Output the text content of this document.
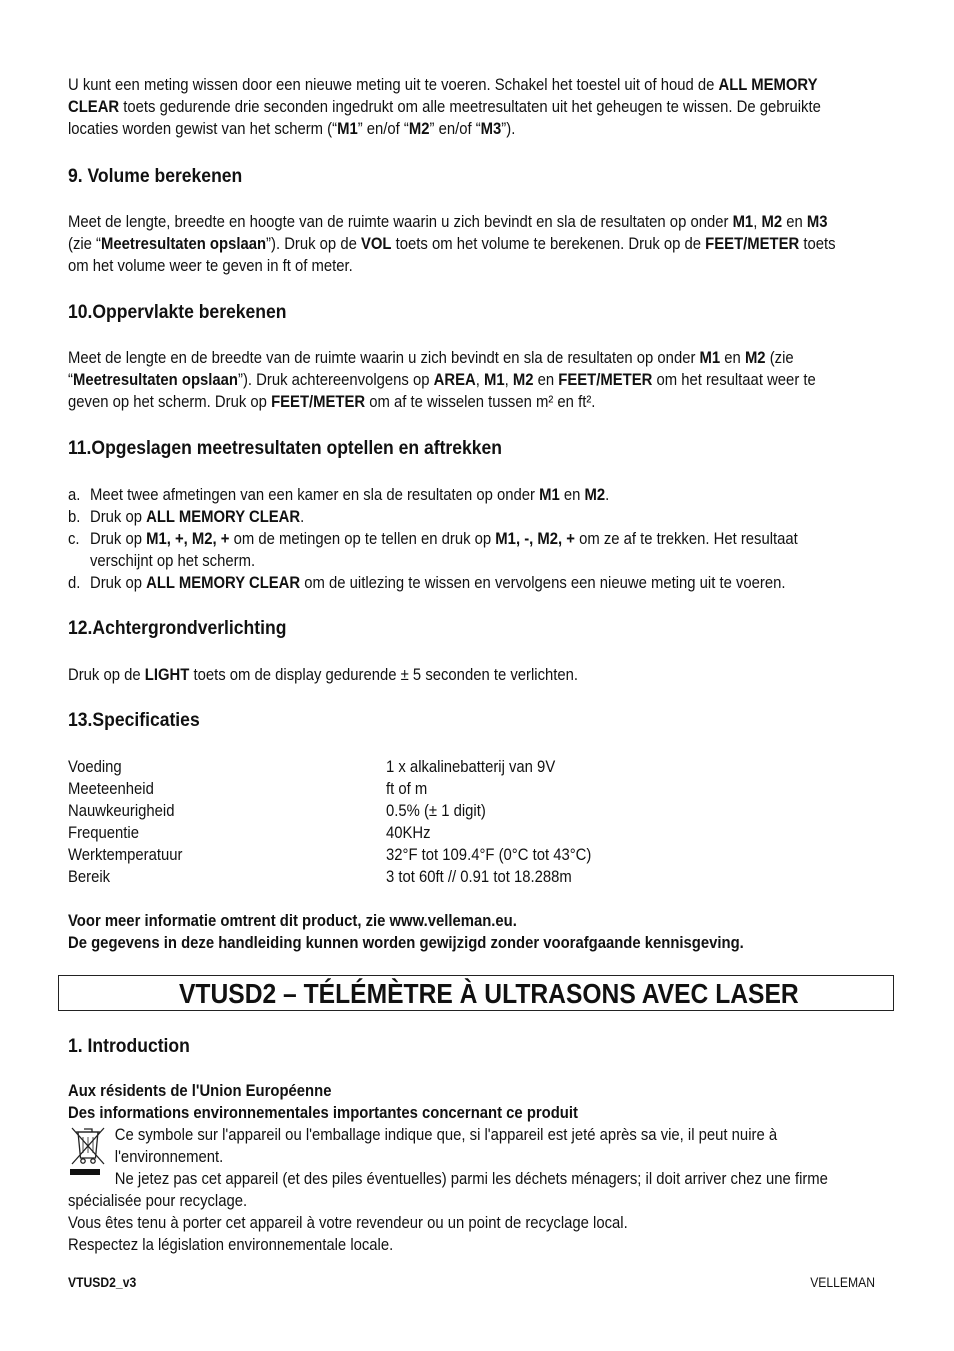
U kunt een meting wissen door een nieuwe meting uit te voeren. Schakel het toestel uit of houd de ALL MEMORY

CLEAR toets gedurende drie seconden ingedrukt om alle meetresultaten uit het geheugen te wissen. De gebruikte

locaties worden gewist van het scherm (“M1” en/of “M2” en/of “M3”).

9. Volume berekenen

Meet de lengte, breedte en hoogte van de ruimte waarin u zich bevindt en sla de resultaten op onder M1, M2 en M3

(zie “Meetresultaten opslaan”). Druk op de VOL toets om het volume te berekenen. Druk op de FEET/METER toets

om het volume weer te geven in ft of meter.

10.Oppervlakte berekenen

Meet de lengte en de breedte van de ruimte waarin u zich bevindt en sla de resultaten op onder M1 en M2 (zie

“Meetresultaten opslaan”). Druk achtereenvolgens op AREA, M1, M2 en FEET/METER om het resultaat weer te

geven op het scherm. Druk op FEET/METER om af te wisselen tussen m² en ft².

11.Opgeslagen meetresultaten optellen en aftrekken
a. Meet twee afmetingen van een kamer en sla de resultaten op onder M1 en M2.

b. Druk op ALL MEMORY CLEAR.

c. Druk op M1, +, M2, + om de metingen op te tellen en druk op M1, -, M2, + om ze af te trekken. Het resultaat

verschijnt op het scherm.

d. Druk op ALL MEMORY CLEAR om de uitlezing te wissen en vervolgens een nieuwe meting uit te voeren.

12.Achtergrondverlichting

Druk op de LIGHT toets om de display gedurende ± 5 seconden te verlichten.

13.Specificaties
Voeding	1 x alkalinebatterij van 9V
Meeteenheid	ft of m
Nauwkeurigheid	0.5% (± 1 digit)
Frequentie	40KHz
Werktemperatuur	32°F tot 109.4°F (0°C tot 43°C)
Bereik	3 tot 60ft // 0.91 tot 18.288m

Voor meer informatie omtrent dit product, zie www.velleman.eu.

De gegevens in deze handleiding kunnen worden gewijzigd zonder voorafgaande kennisgeving.

1. Introduction

Aux résidents de l'Union Européenne

Des informations environnementales importantes concernant ce produit

Ce symbole sur l'appareil ou l'emballage indique que, si l'appareil est jeté après sa vie, il peut nuire à

l'environnement.

Ne jetez pas cet appareil (et des piles éventuelles) parmi les déchets ménagers; il doit arriver chez une firme

spécialisée pour recyclage.

Vous êtes tenu à porter cet appareil à votre revendeur ou un point de recyclage local.

Respectez la législation environnementale locale.

VTUSD2 – TÉLÉMÈTRE À ULTRASONS AVEC LASER
VTUSD2_v3	VELLEMAN
